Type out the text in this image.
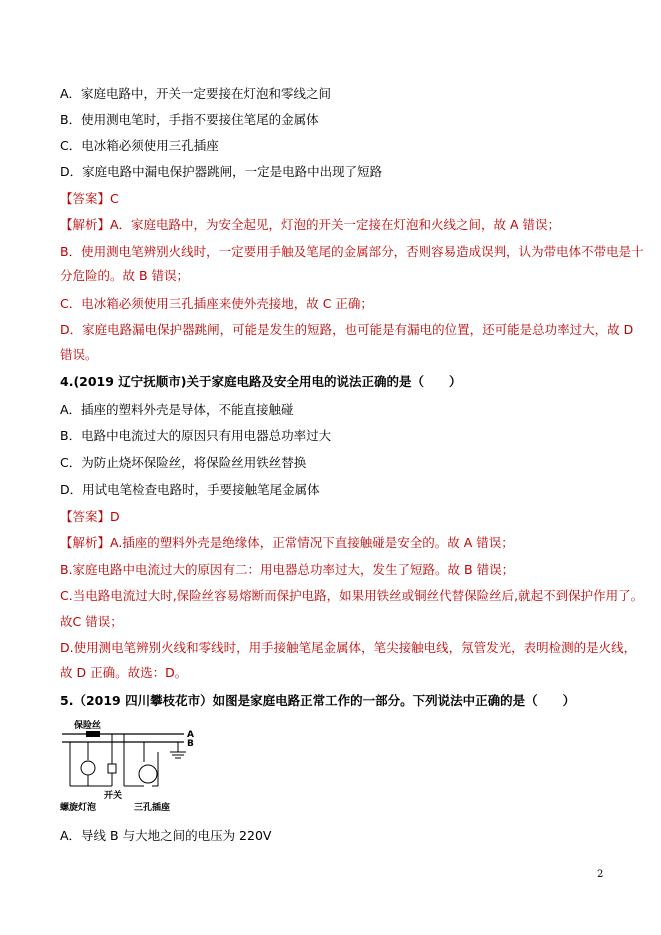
A．家庭电路中，开关一定要接在灯泡和零线之间
B．使用测电笔时，手指不要接住笔尾的金属体
C．电冰箱必须使用三孔插座
D．家庭电路中漏电保护器跳闸，一定是电路中出现了短路
【答案】C
【解析】A．家庭电路中，为安全起见，灯泡的开关一定接在灯泡和火线之间，故 A 错误；
B．使用测电笔辨别火线时，一定要用手触及笔尾的金属部分，否则容易造成误判，认为带电体不带电是十
分危险的。故 B 错误；
C．电冰箱必须使用三孔插座来使外壳接地，故 C 正确；
D．家庭电路漏电保护器跳闸，可能是发生的短路，也可能是有漏电的位置，还可能是总功率过大，故 D
错误。
4.(2019 辽宁抚顺市)关于家庭电路及安全用电的说法正确的是（　　）
A．插座的塑料外壳是导体，不能直接触碰
B．电路中电流过大的原因只有用电器总功率过大
C．为防止烧坏保险丝，将保险丝用铁丝替换
D．用试电笔检查电路时，手要接触笔尾金属体
【答案】D
【解析】A.插座的塑料外壳是绝缘体，正常情况下直接触碰是安全的。故 A 错误；
B.家庭电路中电流过大的原因有二：用电器总功率过大，发生了短路。故 B 错误；
C.当电路电流过大时,保险丝容易熔断而保护电路，如果用铁丝或铜丝代替保险丝后,就起不到保护作用了。
故C 错误；
D.使用测电笔辨别火线和零线时，用手接触笔尾金属体，笔尖接触电线，氖管发光，表明检测的是火线，
故 D 正确。故选：D。
5.（2019 四川攀枝花市）如图是家庭电路正常工作的一部分。下列说法中正确的是（　　）
保险丝
A
B
开关
螺旋灯泡	三孔插座
A．导线 B 与大地之间的电压为 220V
2
